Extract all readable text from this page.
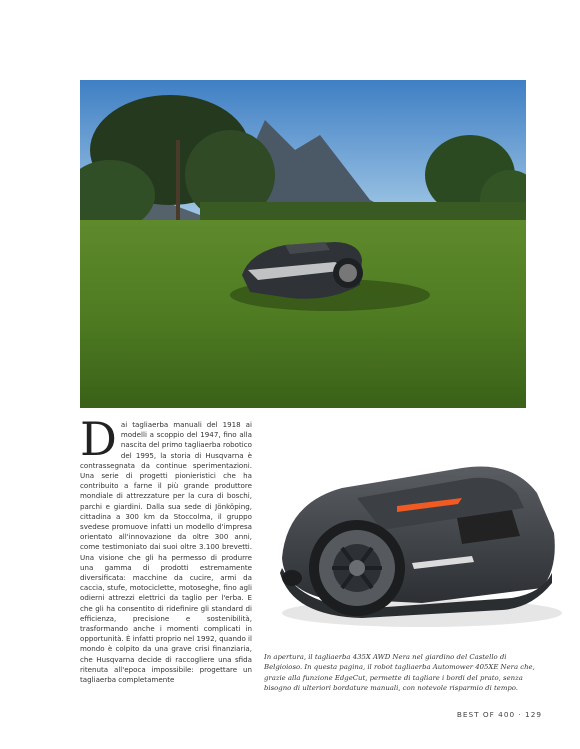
D ai tagliaerba manuali del 1918 ai modelli a scoppio del 1947, fino alla nascita del primo tagliaerba robotico del 1995, la storia di Husqvarna è contrassegnata da continue sperimentazioni. Una serie di progetti pionieristici che ha contribuito a farne il più grande produttore mondiale di attrezzature per la cura di boschi, parchi e giardini. Dalla sua sede di Jönköping, cittadina a 300 km da Stoccolma, il gruppo svedese promuove infatti un modello d'impresa orientato all'innovazione da oltre 300 anni, come testimoniato dai suoi oltre 3.100 brevetti. Una visione che gli ha permesso di produrre una gamma di prodotti estremamente diversificata: macchine da cucire, armi da caccia, stufe, motociclette, motoseghe, fino agli odierni attrezzi elettrici da taglio per l'erba. E che gli ha consentito di ridefinire gli standard di efficienza, precisione e sostenibilità, trasformando anche i momenti complicati in opportunità. È infatti proprio nel 1992, quando il mondo è colpito da una grave crisi finanziaria, che Husqvarna decide di raccogliere una sfida ritenuta all'epoca impossibile: progettare un tagliaerba completamente
In apertura, il tagliaerba 435X AWD Nera nel giardino del Castello di Belgioioso. In questa pagina, il robot tagliaerba Automower 405XE Nera che, grazie alla funzione EdgeCut, permette di tagliare i bordi del prato, senza bisogno di ulteriori bordature manuali, con notevole risparmio di tempo.
BEST OF 400 · 129
